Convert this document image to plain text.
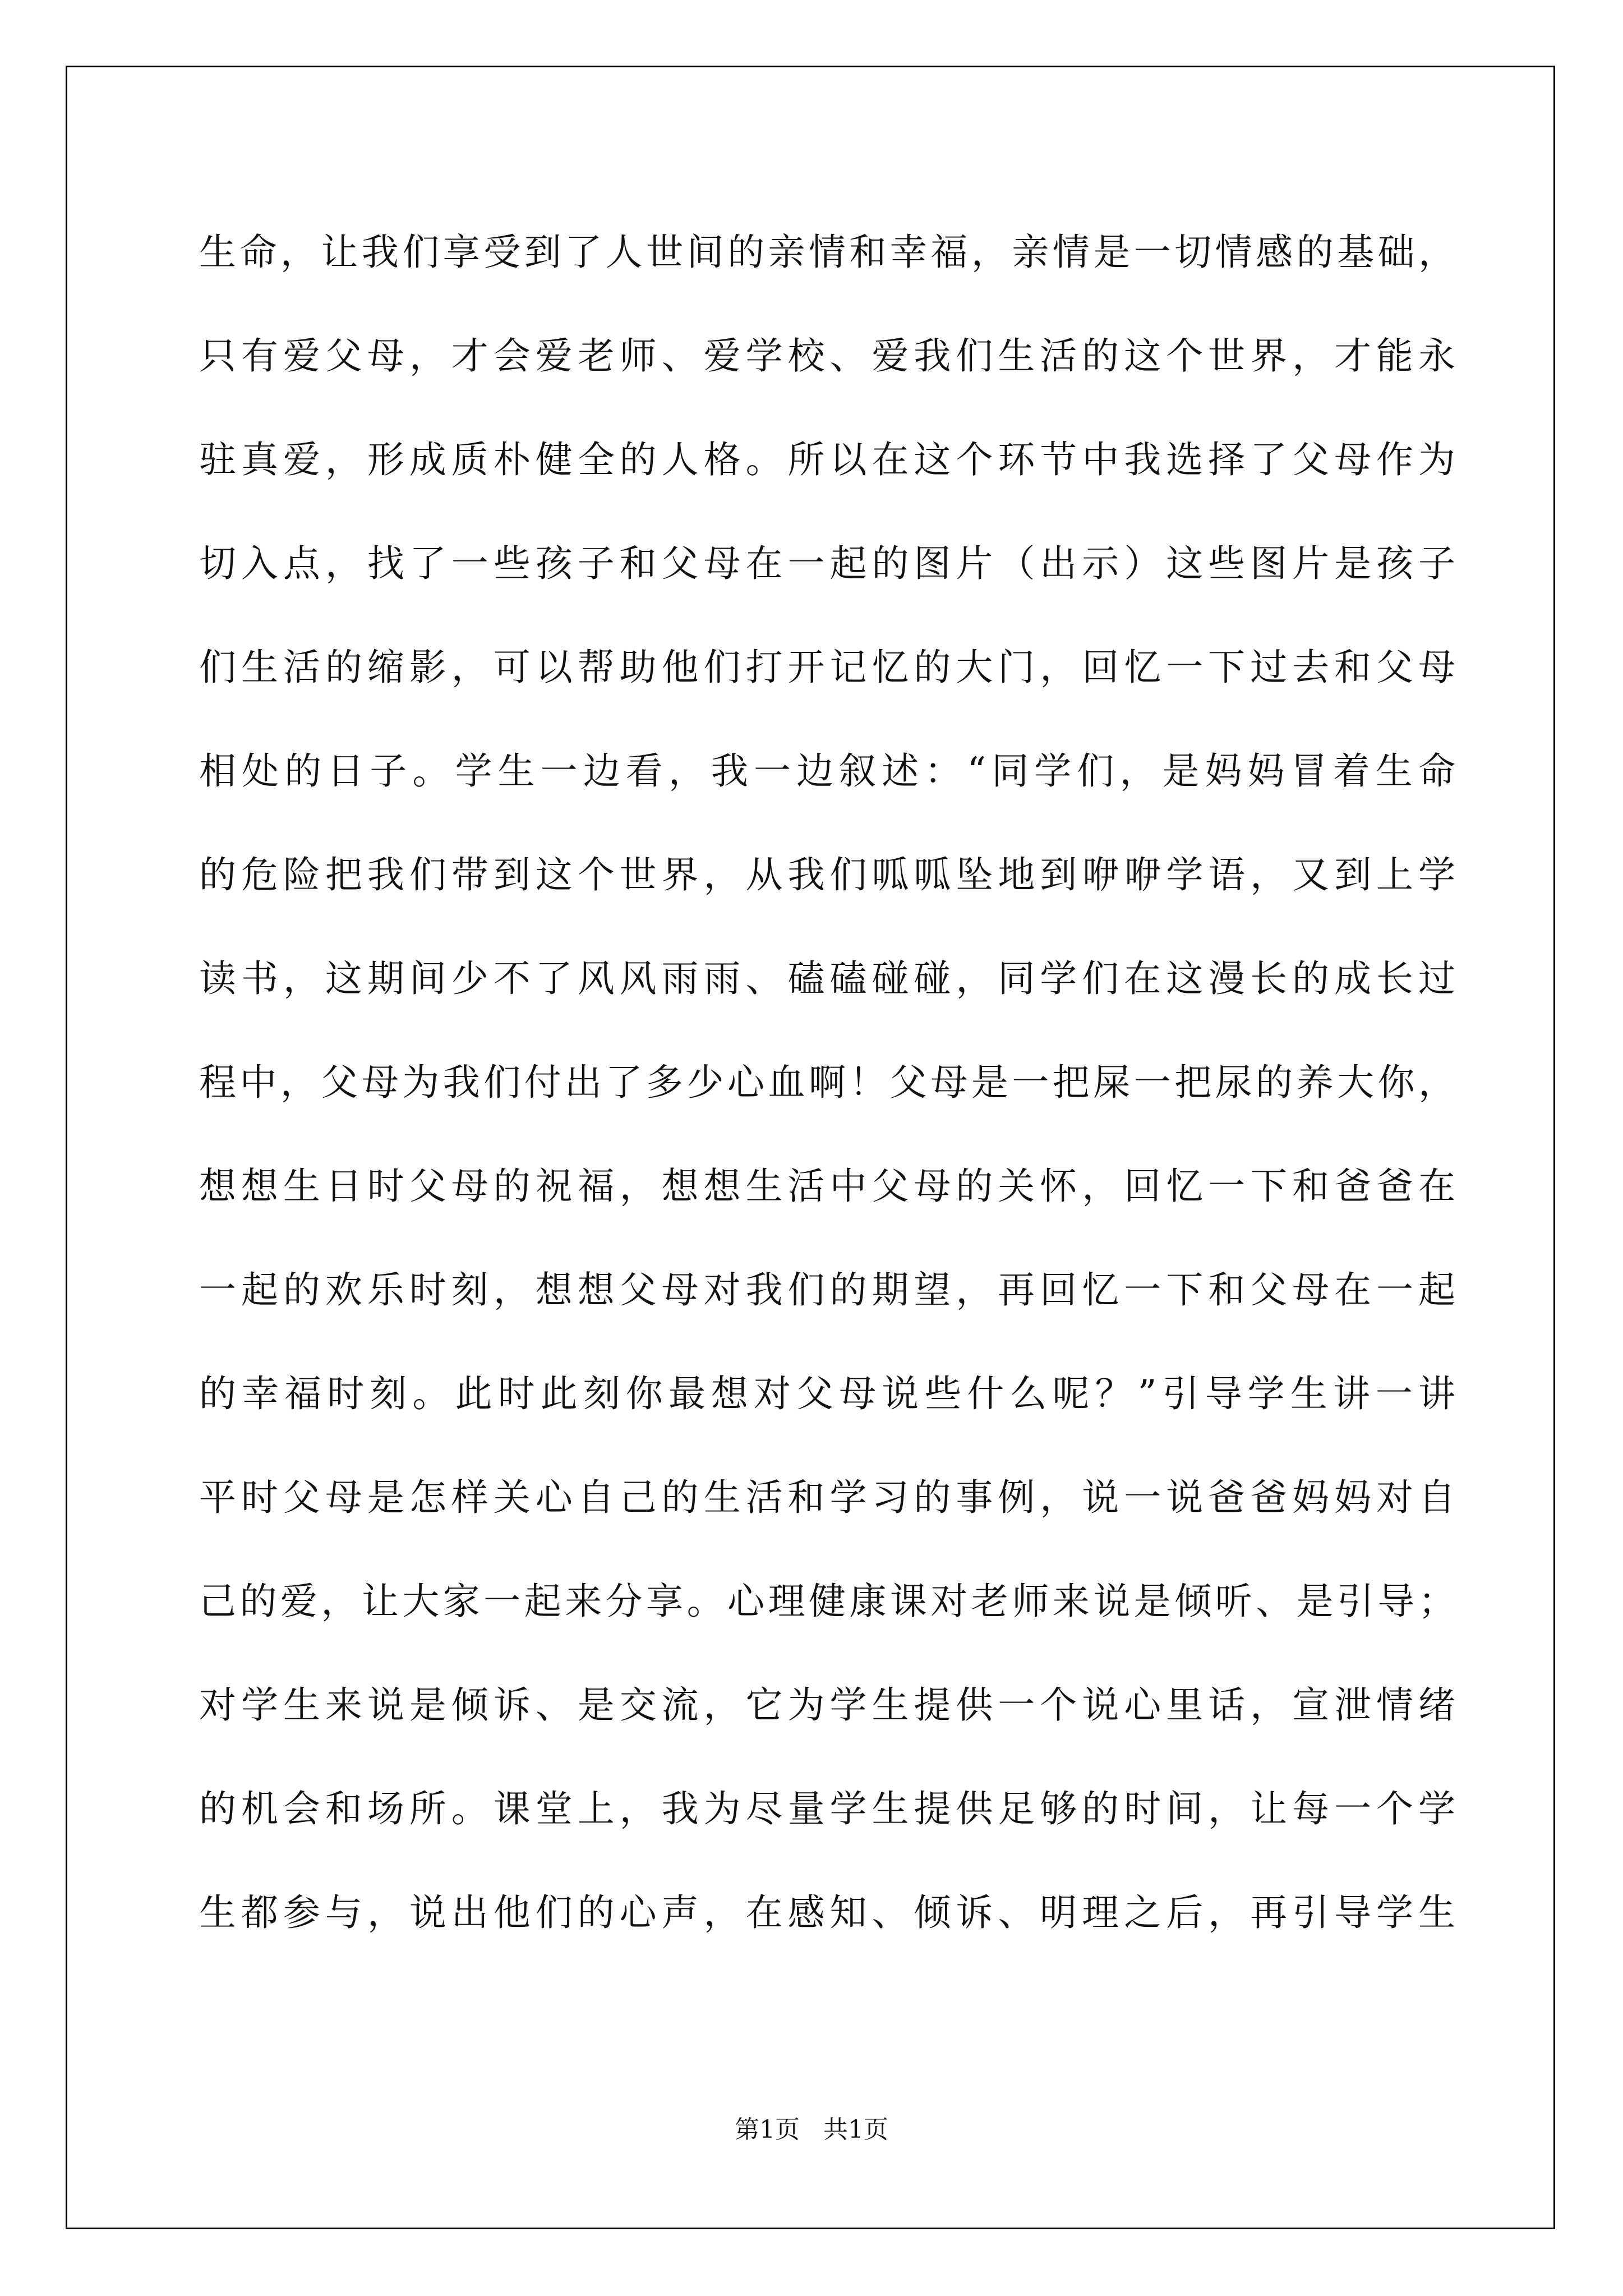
生命，让我们享受到了人世间的亲情和幸福，亲情是一切情感的基础，
只有爱父母，才会爱老师、爱学校、爱我们生活的这个世界，才能永
驻真爱，形成质朴健全的人格。所以在这个环节中我选择了父母作为
切入点，找了一些孩子和父母在一起的图片（出示）这些图片是孩子
们生活的缩影，可以帮助他们打开记忆的大门，回忆一下过去和父母
相处的日子。学生一边看，我一边叙述：“同学们，是妈妈冒着生命
的危险把我们带到这个世界，从我们呱呱坠地到咿咿学语，又到上学
读书，这期间少不了风风雨雨、磕磕碰碰，同学们在这漫长的成长过
程中，父母为我们付出了多少心血啊！父母是一把屎一把尿的养大你，
想想生日时父母的祝福，想想生活中父母的关怀，回忆一下和爸爸在
一起的欢乐时刻，想想父母对我们的期望，再回忆一下和父母在一起
的幸福时刻。此时此刻你最想对父母说些什么呢？”引导学生讲一讲
平时父母是怎样关心自己的生活和学习的事例，说一说爸爸妈妈对自
己的爱，让大家一起来分享。心理健康课对老师来说是倾听、是引导；
对学生来说是倾诉、是交流，它为学生提供一个说心里话，宣泄情绪
的机会和场所。课堂上，我为尽量学生提供足够的时间，让每一个学
生都参与，说出他们的心声，在感知、倾诉、明理之后，再引导学生
第1页 共1页
